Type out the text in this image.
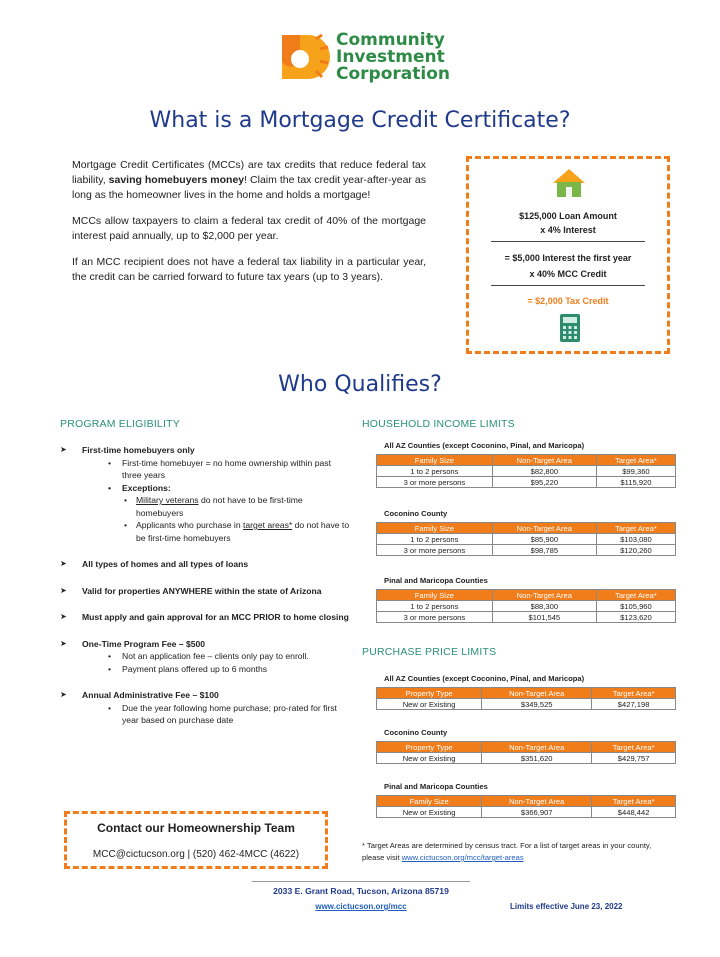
Community
Investment
Corporation
What is a Mortgage Credit Certificate?

Mortgage Credit Certificates (MCCs) are tax credits that reduce federal tax liability, saving homebuyers money! Claim the tax credit year-after-year as long as the homeowner lives in the home and holds a mortgage!

MCCs allow taxpayers to claim a federal tax credit of 40% of the mortgage interest paid annually, up to $2,000 per year.

If an MCC recipient does not have a federal tax liability in a particular year, the credit can be carried forward to future tax years (up to 3 years).

$125,000 Loan Amount
x 4% Interest
= $5,000 Interest the first year
x 40% MCC Credit
= $2,000 Tax Credit
Who Qualifies?
PROGRAM ELIGIBILITY
➤ First-time homebuyers only
• First-time homebuyer = no home ownership within past three years
• Exceptions:
• Military veterans do not have to be first-time homebuyers
• Applicants who purchase in target areas* do not have to be first-time homebuyers
➤ All types of homes and all types of loans
➤ Valid for properties ANYWHERE within the state of Arizona
➤ Must apply and gain approval for an MCC PRIOR to home closing
➤ One-Time Program Fee – $500
• Not an application fee – clients only pay to enroll.
• Payment plans offered up to 6 months
➤ Annual Administrative Fee – $100
• Due the year following home purchase; pro-rated for first year based on purchase date
Contact our Homeownership Team
MCC@cictucson.org | (520) 462-4MCC (4622)
HOUSEHOLD INCOME LIMITS
All AZ Counties (except Coconino, Pinal, and Maricopa)
Family Size	Non-Target Area	Target Area*
1 to 2 persons	$82,800	$99,360
3 or more persons	$95,220	$115,920
Coconino County
Family Size	Non-Target Area	Target Area*
1 to 2 persons	$85,900	$103,080
3 or more persons	$98,785	$120,260
Pinal and Maricopa Counties
Family Size	Non-Target Area	Target Area*
1 to 2 persons	$88,300	$105,960
3 or more persons	$101,545	$123,620
PURCHASE PRICE LIMITS
All AZ Counties (except Coconino, Pinal, and Maricopa)
Property Type	Non-Target Area	Target Area*
New or Existing	$349,525	$427,198
Coconino County
Property Type	Non-Target Area	Target Area*
New or Existing	$351,620	$429,757
Pinal and Maricopa Counties
Family Size	Non-Target Area	Target Area*
New or Existing	$366,907	$448,442
* Target Areas are determined by census tract. For a list of target areas in your county, please visit www.cictucson.org/mcc/target-areas
2033 E. Grant Road, Tucson, Arizona 85719
www.cictucson.org/mcc	Limits effective June 23, 2022
